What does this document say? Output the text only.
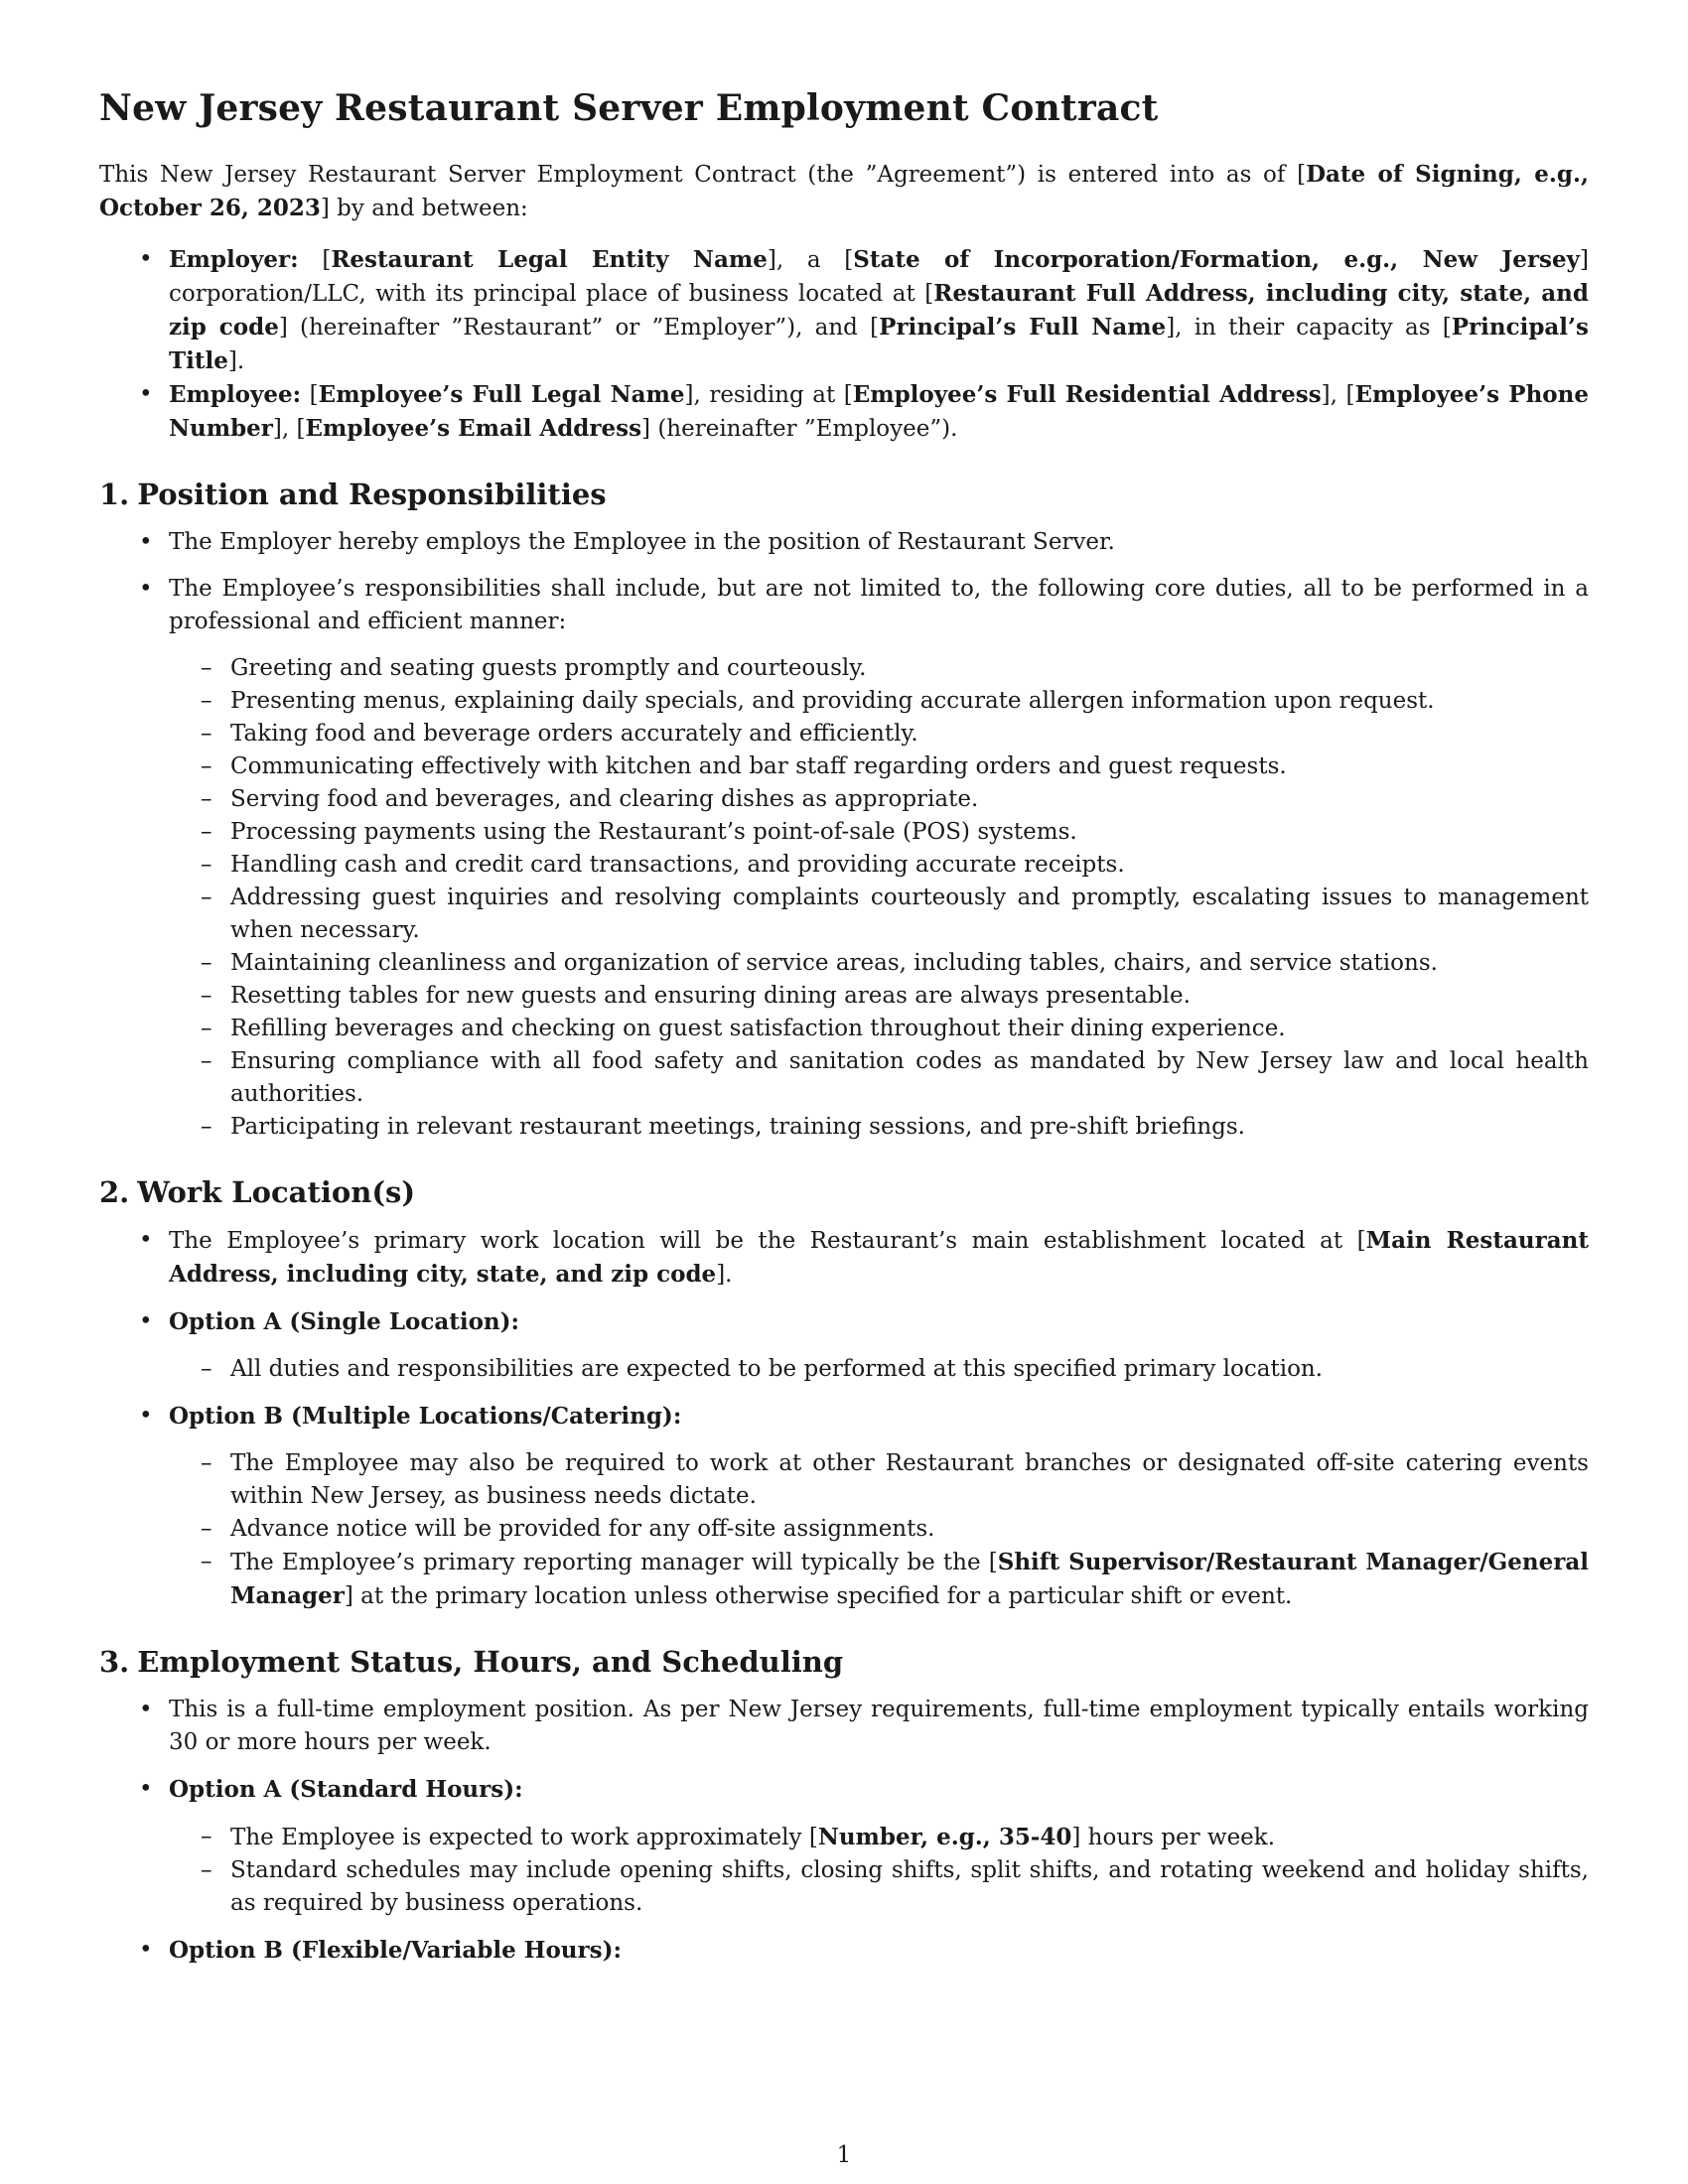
New Jersey Restaurant Server Employment Contract

This New Jersey Restaurant Server Employment Contract (the ”Agreement”) is entered into as of [Date of Signing, e.g., October 26, 2023] by and between:

• Employer: [Restaurant Legal Entity Name], a [State of Incorporation/Formation, e.g., New Jersey] corporation/LLC, with its principal place of business located at [Restaurant Full Address, including city, state, and zip code] (hereinafter ”Restaurant” or ”Employer”), and [Principal’s Full Name], in their capacity as [Principal’s Title].
• Employee: [Employee’s Full Legal Name], residing at [Employee’s Full Residential Address], [Employee’s Phone Number], [Employee’s Email Address] (hereinafter ”Employee”).
1. Position and Responsibilities
• The Employer hereby employs the Employee in the position of Restaurant Server.
• The Employee’s responsibilities shall include, but are not limited to, the following core duties, all to be performed in a professional and efficient manner:
– Greeting and seating guests promptly and courteously.
– Presenting menus, explaining daily specials, and providing accurate allergen information upon request.
– Taking food and beverage orders accurately and efficiently.
– Communicating effectively with kitchen and bar staff regarding orders and guest requests.
– Serving food and beverages, and clearing dishes as appropriate.
– Processing payments using the Restaurant’s point-of-sale (POS) systems.
– Handling cash and credit card transactions, and providing accurate receipts.
– Addressing guest inquiries and resolving complaints courteously and promptly, escalating issues to management when necessary.
– Maintaining cleanliness and organization of service areas, including tables, chairs, and service stations.
– Resetting tables for new guests and ensuring dining areas are always presentable.
– Refilling beverages and checking on guest satisfaction throughout their dining experience.
– Ensuring compliance with all food safety and sanitation codes as mandated by New Jersey law and local health authorities.
– Participating in relevant restaurant meetings, training sessions, and pre-shift briefings.
2. Work Location(s)
• The Employee’s primary work location will be the Restaurant’s main establishment located at [Main Restaurant Address, including city, state, and zip code].
• Option A (Single Location):
– All duties and responsibilities are expected to be performed at this specified primary location.
• Option B (Multiple Locations/Catering):
– The Employee may also be required to work at other Restaurant branches or designated off-site catering events within New Jersey, as business needs dictate.
– Advance notice will be provided for any off-site assignments.
– The Employee’s primary reporting manager will typically be the [Shift Supervisor/Restaurant Manager/General Manager] at the primary location unless otherwise specified for a particular shift or event.
3. Employment Status, Hours, and Scheduling
• This is a full-time employment position. As per New Jersey requirements, full-time employment typically entails working 30 or more hours per week.
• Option A (Standard Hours):
– The Employee is expected to work approximately [Number, e.g., 35-40] hours per week.
– Standard schedules may include opening shifts, closing shifts, split shifts, and rotating weekend and holiday shifts, as required by business operations.
• Option B (Flexible/Variable Hours):
1
